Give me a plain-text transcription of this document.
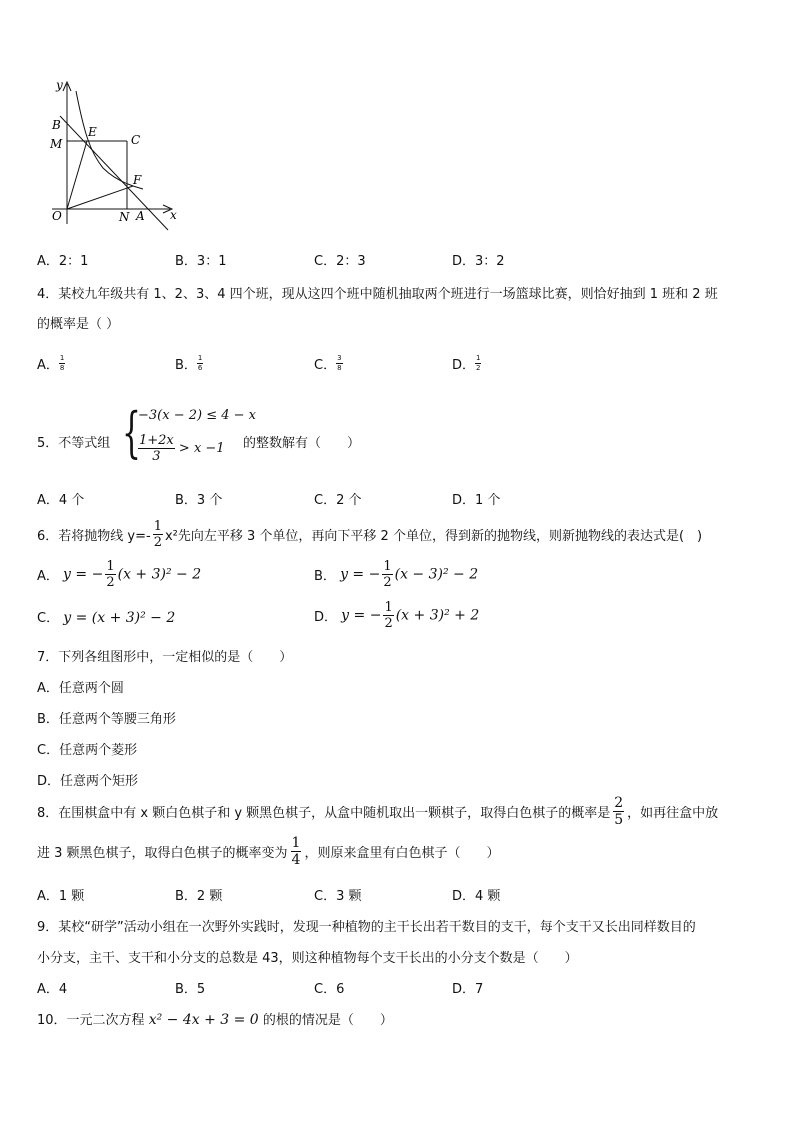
y
B
M
E
C
F
O	N A x
A．2：1	B．3：1	C．2：3	D．3：2
4．某校九年级共有 1、2、3、4 四个班，现从这四个班中随机抽取两个班进行一场篮球比赛，则恰好抽到 1 班和 2 班
的概率是（ ）
A． $\frac{1}{8}$	B． $\frac{1}{6}$	C． $\frac{3}{8}$	D． $\frac{1}{2}$
5．不等式组 {
−3(x − 2) ≤ 4 − x
$\frac{1+2x}{3} > x -1$ 的整数解有（　　）
A．4 个	B．3 个	C．2 个	D．1 个
6．若将抛物线 $y=- \frac{1}{2} x^2$先向左平移 3 个单位，再向下平移 2 个单位，得到新的抛物线，则新抛物线的表达式是(　)
A． y = − $\frac{1}{2} (x + 3)^2 - 2$	B． y = − $\frac{1}{2} (x - 3)^2 - 2$
C． y = (x + 3)² − 2	D． y = − $\frac{1}{2} (x + 3)^2 + 2$
7．下列各组图形中，一定相似的是（　　）
A．任意两个圆
B．任意两个等腰三角形
C．任意两个菱形
D．任意两个矩形
8．在围棋盒中有 x 颗白色棋子和 y 颗黑色棋子，从盒中随机取出一颗棋子，取得白色棋子的概率是 $\frac{2}{5}$ ，如再往盒中放
进 3 颗黑色棋子，取得白色棋子的概率变为 $\frac{1}{4}$ ，则原来盒里有白色棋子（　　）
A．1 颗	B．2 颗	C．3 颗	D．4 颗
9．某校“研学”活动小组在一次野外实践时，发现一种植物的主干长出若干数目的支干，每个支干又长出同样数目的
小分支，主干、支干和小分支的总数是 43，则这种植物每个支干长出的小分支个数是（　　）
A．4	B．5	C．6	D．7
10．一元二次方程 x² − 4x + 3 = 0 的根的情况是（　　）
